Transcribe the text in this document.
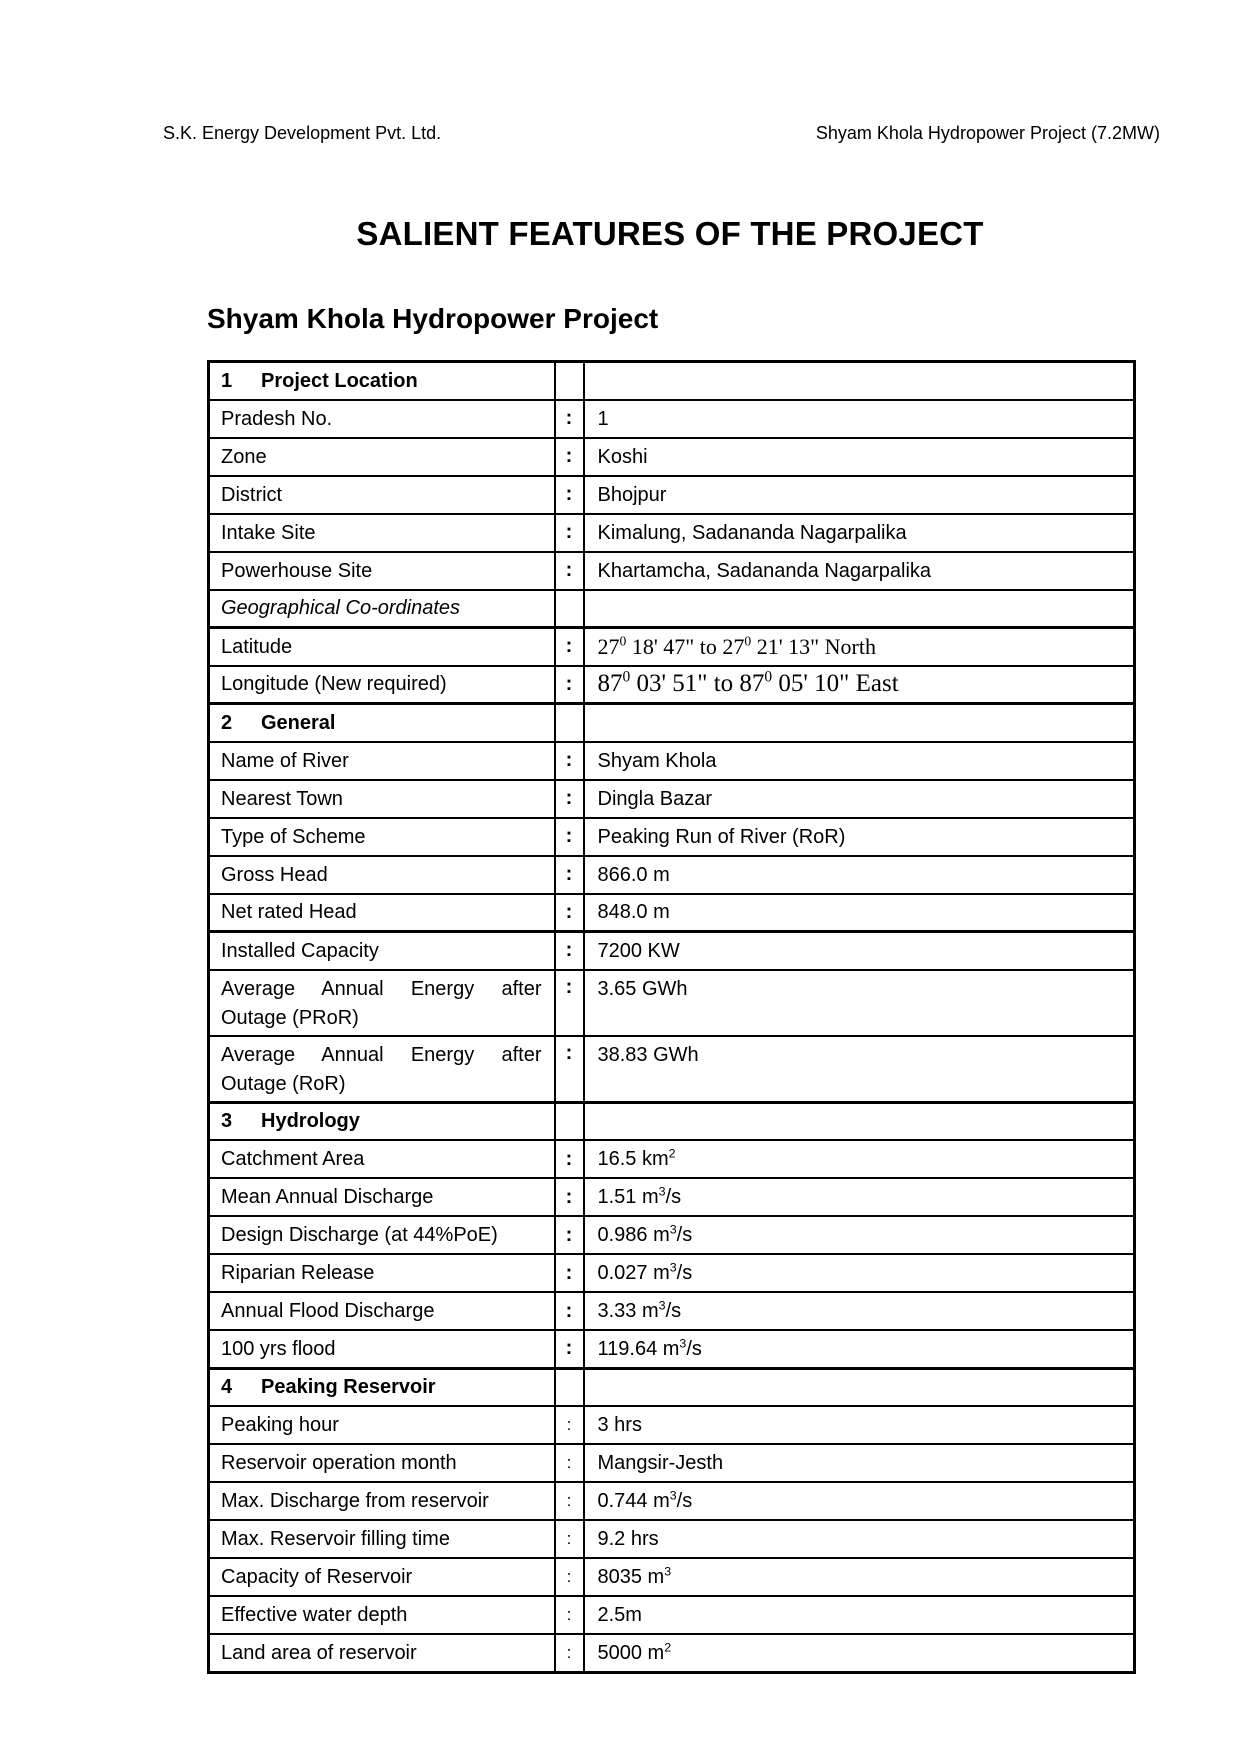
S.K. Energy Development Pvt. Ltd.	Shyam Khola Hydropower Project (7.2MW)
SALIENT FEATURES OF THE PROJECT
Shyam Khola Hydropower Project
1 Project Location		
Pradesh No.	:	1
Zone	:	Koshi
District	:	Bhojpur
Intake Site	:	Kimalung, Sadananda Nagarpalika
Powerhouse Site	:	Khartamcha, Sadananda Nagarpalika
Geographical Co-ordinates		
Latitude	:	$27^0$ 18' 47" to $27^0$ 21' 13" North
Longitude (New required)	:	$87^0$ 03' 51" to $87^0$ 05' 10" East
2 General		
Name of River	:	Shyam Khola
Nearest Town	:	Dingla Bazar
Type of Scheme	:	Peaking Run of River (RoR)
Gross Head	:	866.0 m
Net rated Head	:	848.0 m
Installed Capacity	:	7200 KW

Average Annual Energy after
Outage (PRoR)	:	3.65 GWh

Average Annual Energy after
Outage (RoR)	:	38.83 GWh
3 Hydrology		
Catchment Area	:	16.5 $km^2$
Mean Annual Discharge	:	1.51 $m^3/s$
Design Discharge (at 44%PoE)	:	0.986 $m^3/s$
Riparian Release	:	0.027 $m^3/s$
Annual Flood Discharge	:	3.33 $m^3/s$
100 yrs flood	:	119.64 $m^3/s$
4 Peaking Reservoir		
Peaking hour	:	3 hrs
Reservoir operation month	:	Mangsir-Jesth
Max. Discharge from reservoir	:	0.744 $m^3/s$
Max. Reservoir filling time	:	9.2 hrs
Capacity of Reservoir	:	8035 $m^3$
Effective water depth	:	2.5m
Land area of reservoir	:	5000 $m^2$
